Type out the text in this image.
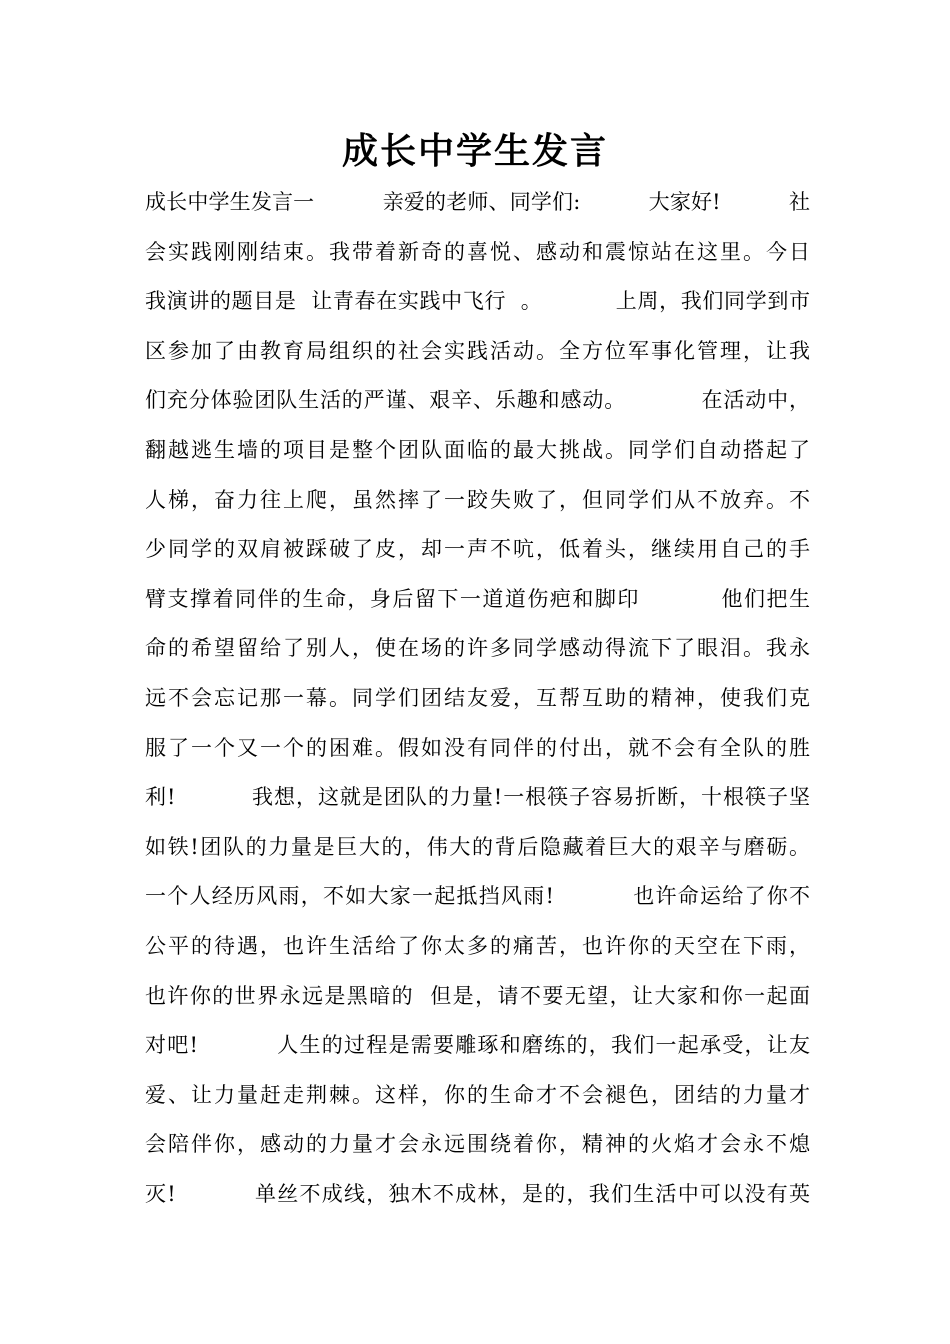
成长中学生发言
成长中学生发言一          亲爱的老师、同学们:          大家好!          社
会实践刚刚结束。我带着新奇的喜悦、感动和震惊站在这里。今日
我演讲的题目是  让青春在实践中飞行  。          上周，我们同学到市
区参加了由教育局组织的社会实践活动。全方位军事化管理，让我
们充分体验团队生活的严谨、艰辛、乐趣和感动。          在活动中，
翻越逃生墙的项目是整个团队面临的最大挑战。同学们自动搭起了
人梯，奋力往上爬，虽然摔了一跤失败了，但同学们从不放弃。不
少同学的双肩被踩破了皮，却一声不吭，低着头，继续用自己的手
臂支撑着同伴的生命，身后留下一道道伤疤和脚印          他们把生
命的希望留给了别人，使在场的许多同学感动得流下了眼泪。我永
远不会忘记那一幕。同学们团结友爱，互帮互助的精神，使我们克
服了一个又一个的困难。假如没有同伴的付出，就不会有全队的胜
利!          我想，这就是团队的力量!一根筷子容易折断，十根筷子坚
如铁!团队的力量是巨大的，伟大的背后隐藏着巨大的艰辛与磨砺。
一个人经历风雨，不如大家一起抵挡风雨!          也许命运给了你不
公平的待遇，也许生活给了你太多的痛苦，也许你的天空在下雨，
也许你的世界永远是黑暗的  但是，请不要无望，让大家和你一起面
对吧!          人生的过程是需要雕琢和磨练的，我们一起承受，让友
爱、让力量赶走荆棘。这样，你的生命才不会褪色，团结的力量才
会陪伴你，感动的力量才会永远围绕着你，精神的火焰才会永不熄
灭!          单丝不成线，独木不成林，是的，我们生活中可以没有英
